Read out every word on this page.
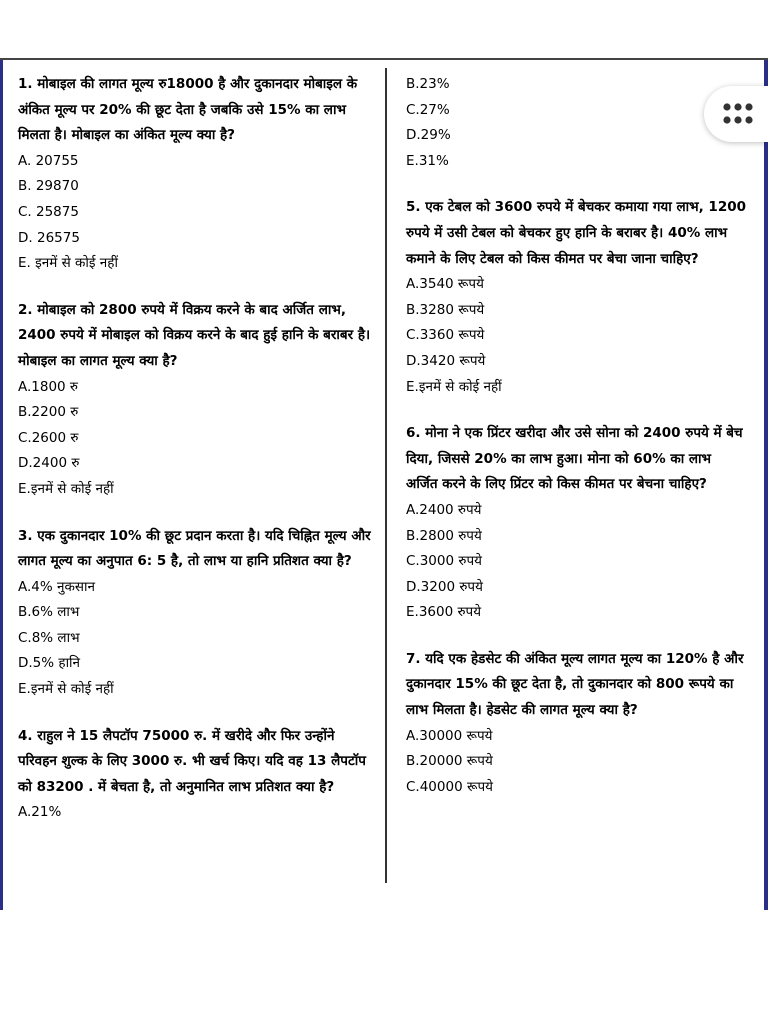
1. मोबाइल की लागत मूल्य रु18000 है और दुकानदार मोबाइल के अंकित मूल्य पर 20% की छूट देता है जबकि उसे 15% का लाभ मिलता है। मोबाइल का अंकित मूल्य क्या है?

A. 20755

B. 29870

C. 25875

D. 26575

E. इनमें से कोई नहीं

2. मोबाइल को 2800 रुपये में विक्रय करने के बाद अर्जित लाभ, 2400 रुपये में मोबाइल को विक्रय करने के बाद हुई हानि के बराबर है। मोबाइल का लागत मूल्य क्या है?

A.1800 रु

B.2200 रु

C.2600 रु

D.2400 रु

E.इनमें से कोई नहीं

3. एक दुकानदार 10% की छूट प्रदान करता है। यदि चिह्नित मूल्य और लागत मूल्य का अनुपात 6: 5 है, तो लाभ या हानि प्रतिशत क्या है?

A.4% नुकसान

B.6% लाभ

C.8% लाभ

D.5% हानि

E.इनमें से कोई नहीं

4. राहुल ने 15 लैपटॉप 75000 रु. में खरीदे और फिर उन्होंने परिवहन शुल्क के लिए 3000 रु. भी खर्च किए। यदि वह 13 लैपटॉप को 83200 . में बेचता है, तो अनुमानित लाभ प्रतिशत क्या है?

A.21%

B.23%

C.27%

D.29%

E.31%

5. एक टेबल को 3600 रुपये में बेचकर कमाया गया लाभ, 1200 रुपये में उसी टेबल को बेचकर हुए हानि के बराबर है। 40% लाभ कमाने के लिए टेबल को किस कीमत पर बेचा जाना चाहिए?

A.3540 रूपये

B.3280 रूपये

C.3360 रूपये

D.3420 रूपये

E.इनमें से कोई नहीं

6. मोना ने एक प्रिंटर खरीदा और उसे सोना को 2400 रुपये में बेच दिया, जिससे 20% का लाभ हुआ। मोना को 60% का लाभ अर्जित करने के लिए प्रिंटर को किस कीमत पर बेचना चाहिए?

A.2400 रुपये

B.2800 रुपये

C.3000 रुपये

D.3200 रुपये

E.3600 रुपये

7. यदि एक हेडसेट की अंकित मूल्य लागत मूल्य का 120% है और दुकानदार 15% की छूट देता है, तो दुकानदार को 800 रूपये का लाभ मिलता है। हेडसेट की लागत मूल्य क्या है?

A.30000 रूपये

B.20000 रूपये

C.40000 रूपये
